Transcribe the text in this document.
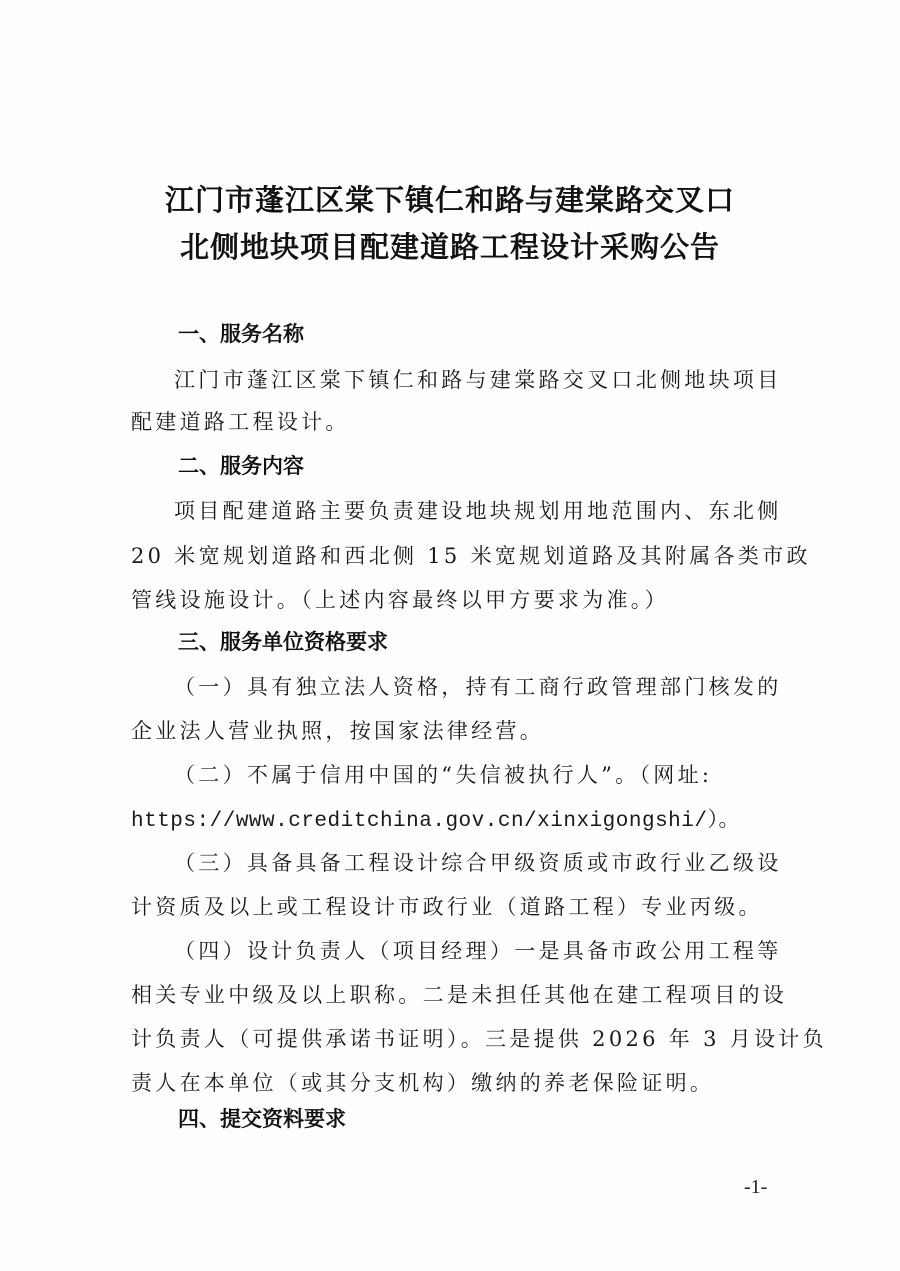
江门市蓬江区棠下镇仁和路与建棠路交叉口
北侧地块项目配建道路工程设计采购公告
一、服务名称
江门市蓬江区棠下镇仁和路与建棠路交叉口北侧地块项目
配建道路工程设计。
二、服务内容
项目配建道路主要负责建设地块规划用地范围内、东北侧
20 米宽规划道路和西北侧 15 米宽规划道路及其附属各类市政
管线设施设计。（上述内容最终以甲方要求为准。）
三、服务单位资格要求
（一）具有独立法人资格，持有工商行政管理部门核发的
企业法人营业执照，按国家法律经营。
（二）不属于信用中国的“失信被执行人”。（网址:
https://www.creditchina.gov.cn/xinxigongshi/）。
（三）具备具备工程设计综合甲级资质或市政行业乙级设
计资质及以上或工程设计市政行业（道路工程）专业丙级。
（四）设计负责人（项目经理）一是具备市政公用工程等
相关专业中级及以上职称。二是未担任其他在建工程项目的设
计负责人（可提供承诺书证明）。三是提供 2026 年 3 月设计负
责人在本单位（或其分支机构）缴纳的养老保险证明。
四、提交资料要求
-1-
